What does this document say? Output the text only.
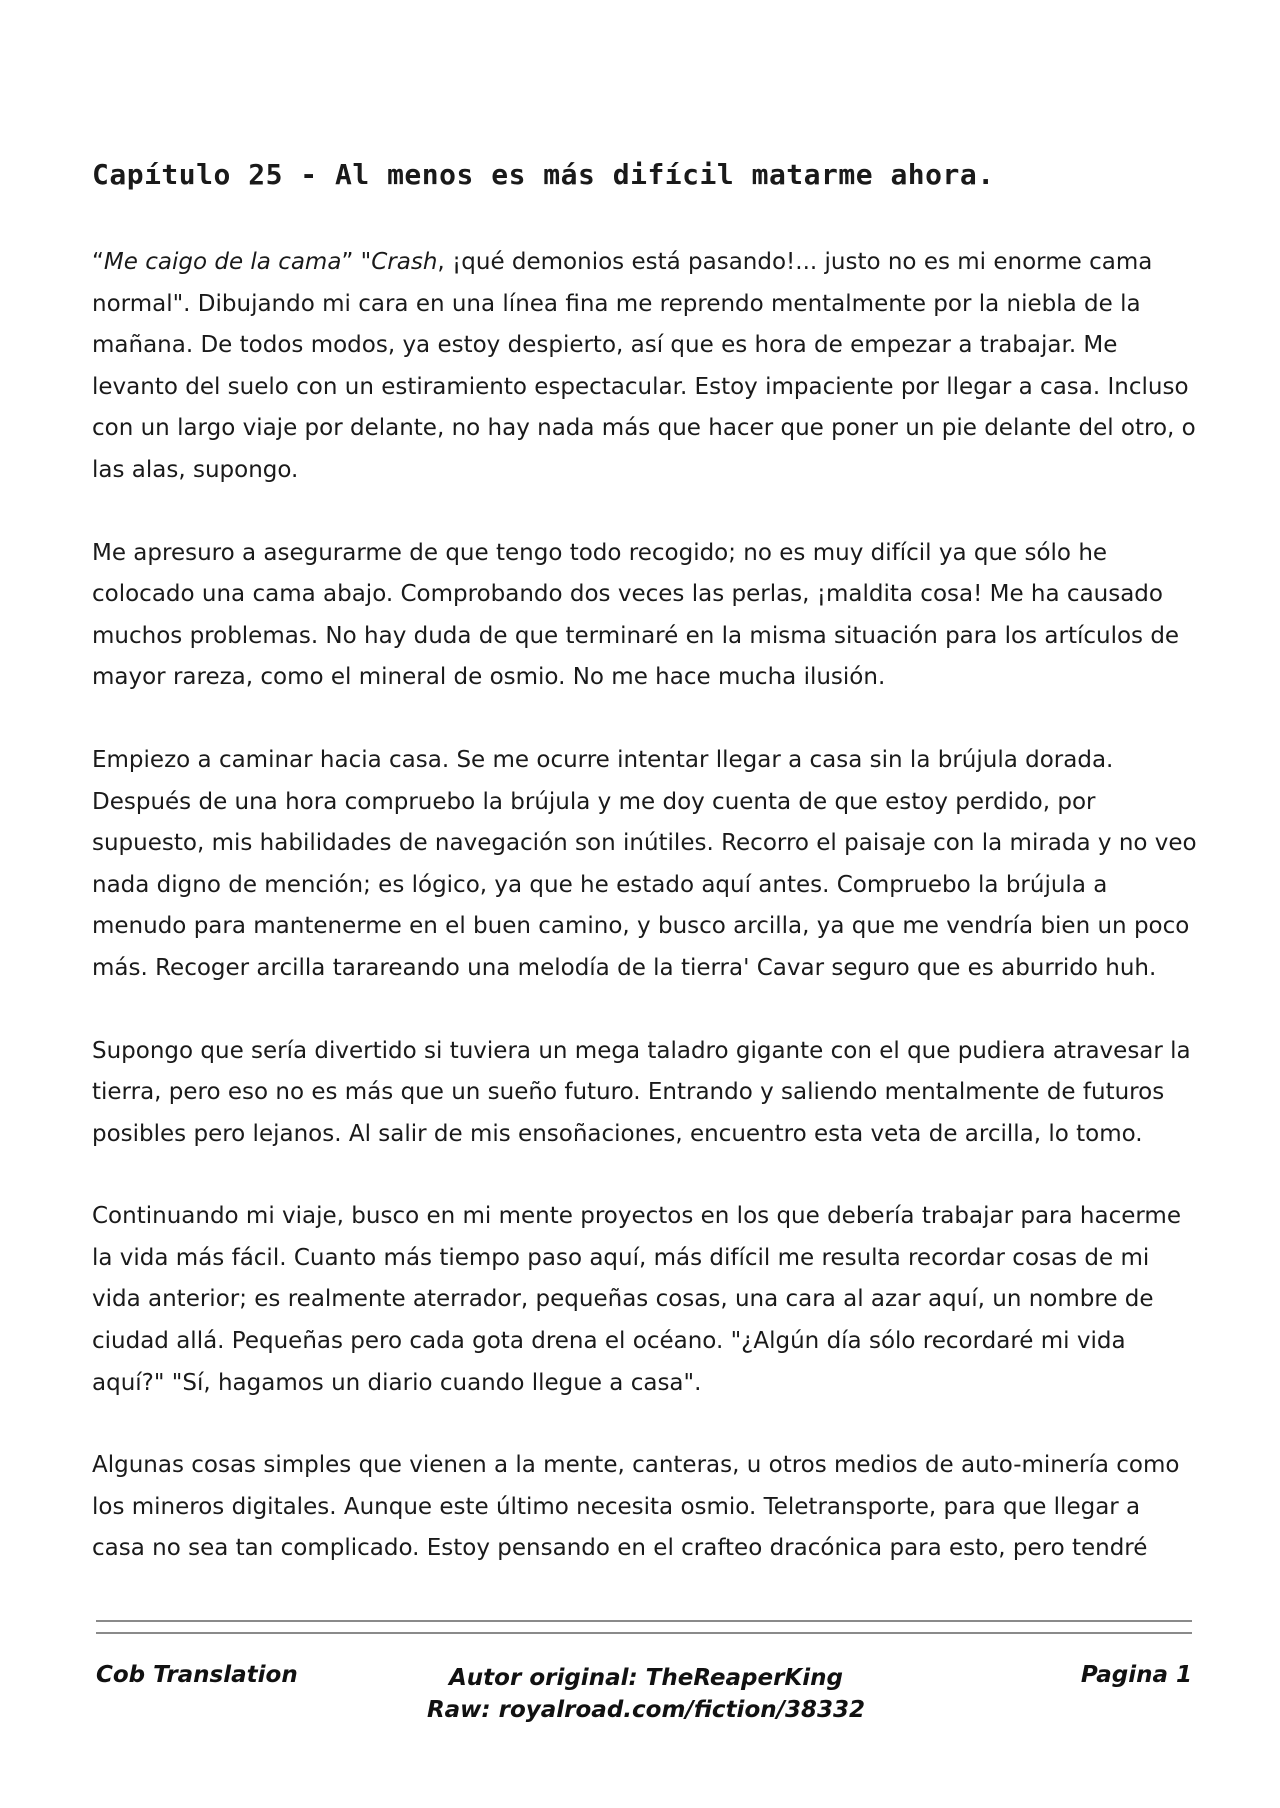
Capítulo 25 - Al menos es más difícil matarme ahora.

“Me caigo de la cama” "Crash, ¡qué demonios está pasando!... justo no es mi enorme cama normal". Dibujando mi cara en una línea fina me reprendo mentalmente por la niebla de la mañana. De todos modos, ya estoy despierto, así que es hora de empezar a trabajar. Me levanto del suelo con un estiramiento espectacular. Estoy impaciente por llegar a casa. Incluso con un largo viaje por delante, no hay nada más que hacer que poner un pie delante del otro, o las alas, supongo.

Me apresuro a asegurarme de que tengo todo recogido; no es muy difícil ya que sólo he colocado una cama abajo. Comprobando dos veces las perlas, ¡maldita cosa! Me ha causado muchos problemas. No hay duda de que terminaré en la misma situación para los artículos de mayor rareza, como el mineral de osmio. No me hace mucha ilusión.

Empiezo a caminar hacia casa. Se me ocurre intentar llegar a casa sin la brújula dorada. Después de una hora compruebo la brújula y me doy cuenta de que estoy perdido, por supuesto, mis habilidades de navegación son inútiles. Recorro el paisaje con la mirada y no veo nada digno de mención; es lógico, ya que he estado aquí antes. Compruebo la brújula a menudo para mantenerme en el buen camino, y busco arcilla, ya que me vendría bien un poco más. Recoger arcilla tarareando una melodía de la tierra' Cavar seguro que es aburrido huh.

Supongo que sería divertido si tuviera un mega taladro gigante con el que pudiera atravesar la tierra, pero eso no es más que un sueño futuro. Entrando y saliendo mentalmente de futuros posibles pero lejanos. Al salir de mis ensoñaciones, encuentro esta veta de arcilla, lo tomo.

Continuando mi viaje, busco en mi mente proyectos en los que debería trabajar para hacerme la vida más fácil. Cuanto más tiempo paso aquí, más difícil me resulta recordar cosas de mi vida anterior; es realmente aterrador, pequeñas cosas, una cara al azar aquí, un nombre de ciudad allá. Pequeñas pero cada gota drena el océano. "¿Algún día sólo recordaré mi vida aquí?" "Sí, hagamos un diario cuando llegue a casa".

Algunas cosas simples que vienen a la mente, canteras, u otros medios de auto-minería como los mineros digitales. Aunque este último necesita osmio. Teletransporte, para que llegar a casa no sea tan complicado. Estoy pensando en el crafteo dracónica para esto, pero tendré

Cob Translation	Autor original: TheReaperKing
Raw: royalroad.com/fiction/38332
Pagina 1
